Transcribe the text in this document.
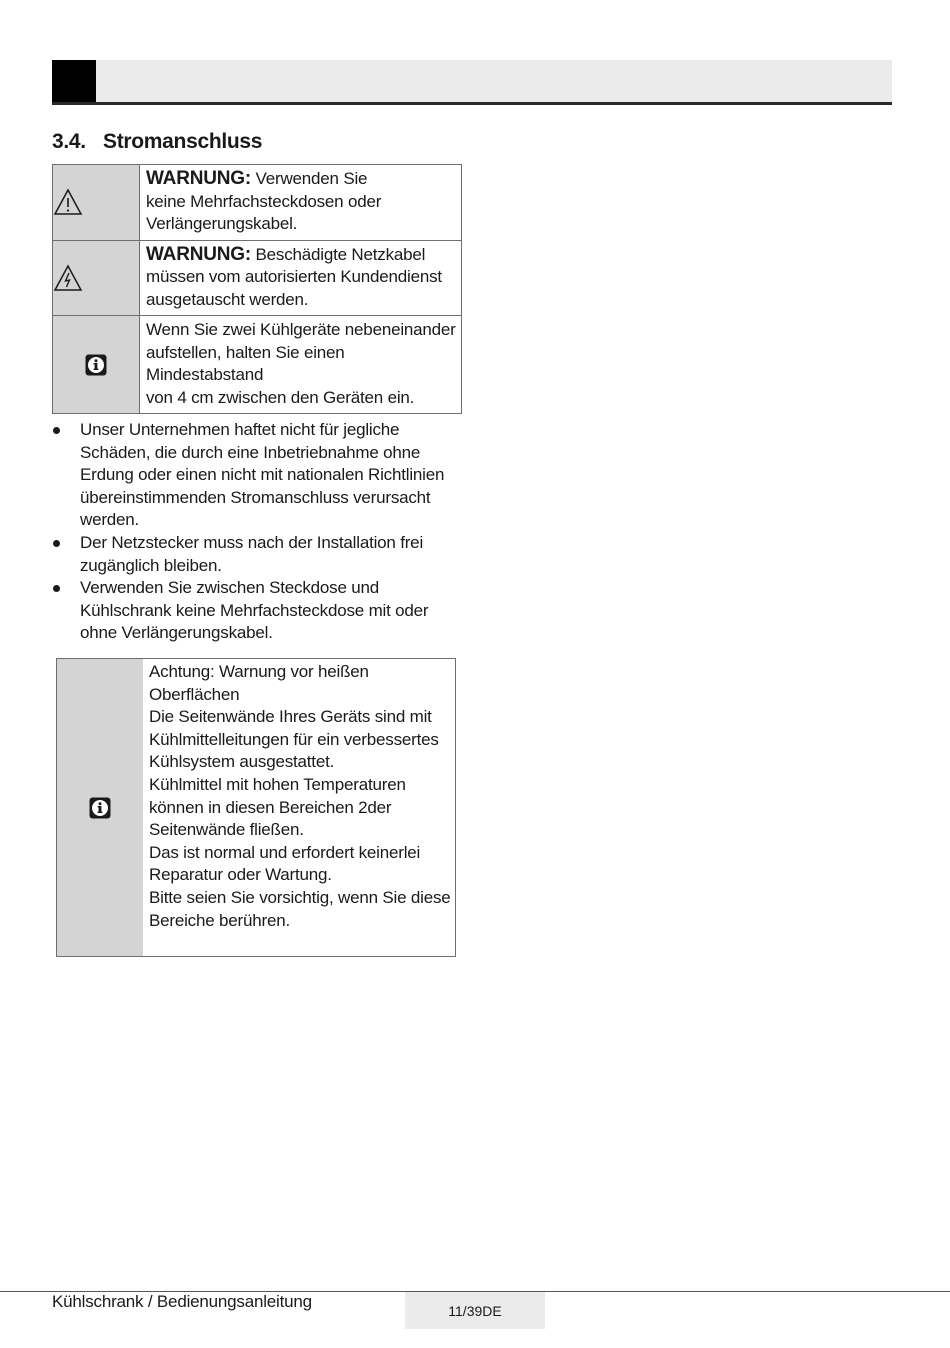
3.4. Stromanschluss
	WARNUNG: Verwenden Sie
keine Mehrfachsteckdosen oder
Verlängerungskabel.

	WARNUNG: Beschädigte Netzkabel
müssen vom autorisierten Kundendienst
ausgetauscht werden.

	Wenn Sie zwei Kühlgeräte nebeneinander
aufstellen, halten Sie einen Mindestabstand
von 4 cm zwischen den Geräten ein.
Unser Unternehmen haftet nicht für jegliche
Schäden, die durch eine Inbetriebnahme ohne
Erdung oder einen nicht mit nationalen Richtlinien
übereinstimmenden Stromanschluss verursacht
werden.
Der Netzstecker muss nach der Installation frei
zugänglich bleiben.
Verwenden Sie zwischen Steckdose und
Kühlschrank keine Mehrfachsteckdose mit oder
ohne Verlängerungskabel.

Achtung: Warnung vor heißen

Oberflächen

Die Seitenwände Ihres Geräts sind mit

Kühlmittelleitungen für ein verbessertes

Kühlsystem ausgestattet.

Kühlmittel mit hohen Temperaturen

können in diesen Bereichen 2der

Seitenwände fließen.

Das ist normal und erfordert keinerlei

Reparatur oder Wartung.

Bitte seien Sie vorsichtig, wenn Sie diese

Bereiche berühren.

Kühlschrank / Bedienungsanleitung	11/39DE
